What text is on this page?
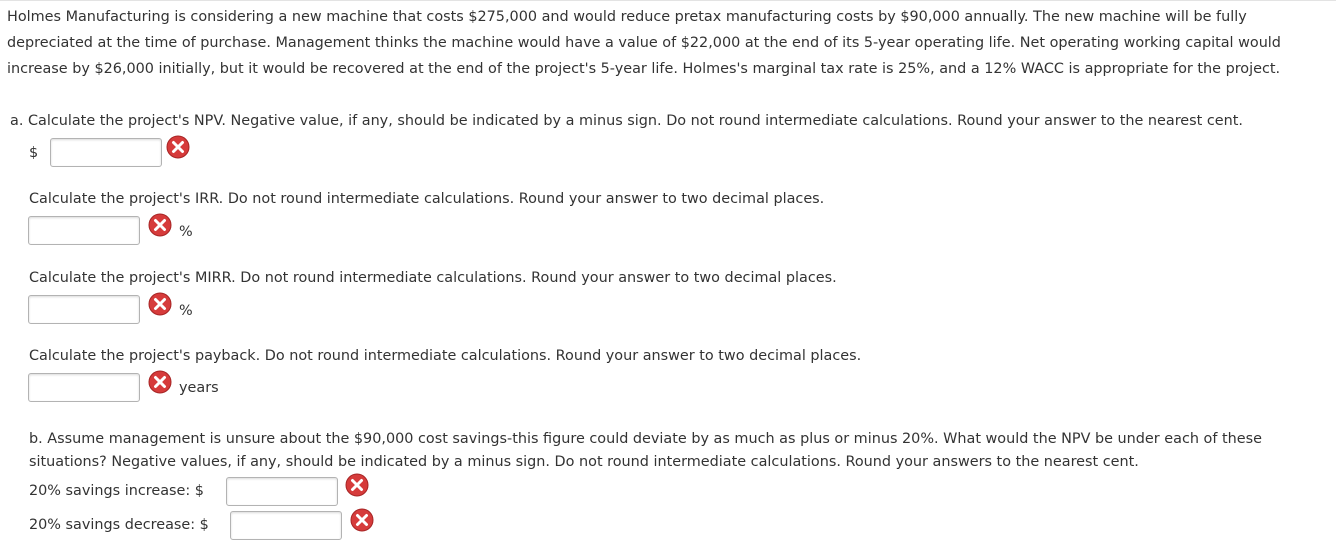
Holmes Manufacturing is considering a new machine that costs $275,000 and would reduce pretax manufacturing costs by $90,000 annually. The new machine will be fully depreciated at the time of purchase. Management thinks the machine would have a value of $22,000 at the end of its 5-year operating life. Net operating working capital would increase by $26,000 initially, but it would be recovered at the end of the project's 5-year life. Holmes's marginal tax rate is 25%, and a 12% WACC is appropriate for the project.

a. Calculate the project's NPV. Negative value, if any, should be indicated by a minus sign. Do not round intermediate calculations. Round your answer to the nearest cent.
$
Calculate the project's IRR. Do not round intermediate calculations. Round your answer to two decimal places.
%
Calculate the project's MIRR. Do not round intermediate calculations. Round your answer to two decimal places.
%
Calculate the project's payback. Do not round intermediate calculations. Round your answer to two decimal places.
years

b. Assume management is unsure about the $90,000 cost savings-this figure could deviate by as much as plus or minus 20%. What would the NPV be under each of these situations? Negative values, if any, should be indicated by a minus sign. Do not round intermediate calculations. Round your answers to the nearest cent.

20% savings increase: $
20% savings decrease: $
